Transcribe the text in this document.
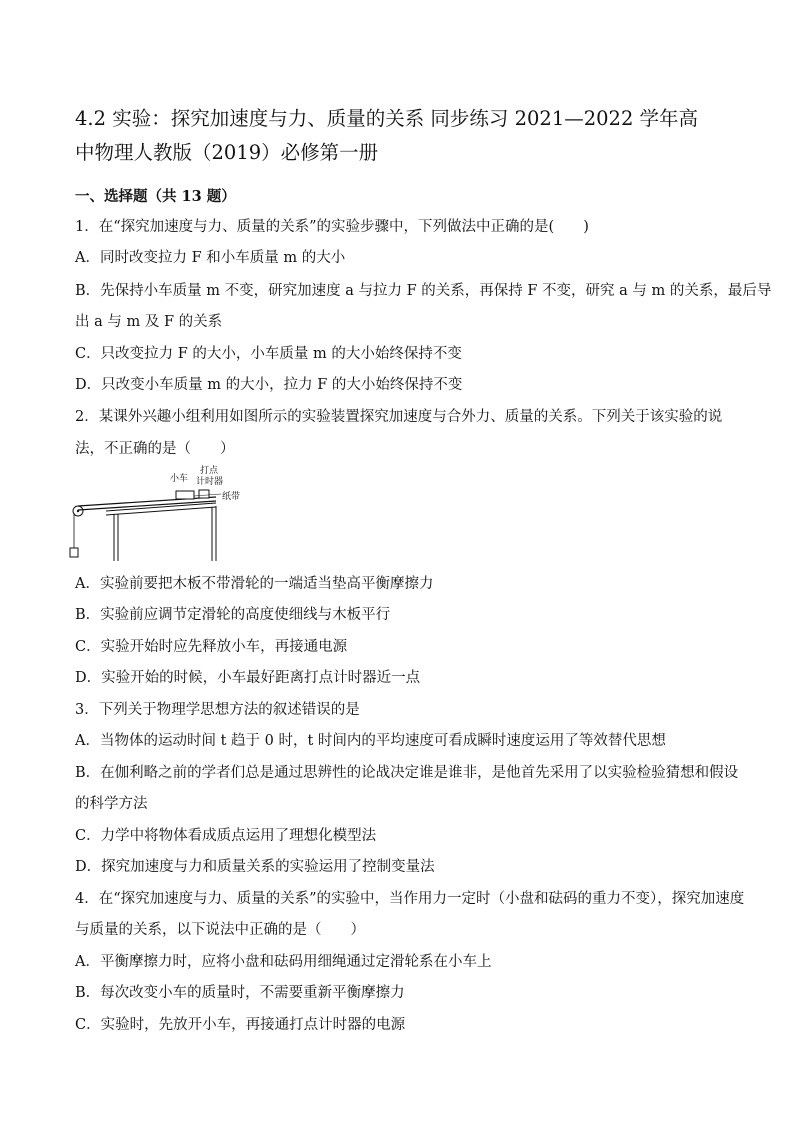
4.2 实验：探究加速度与力、质量的关系 同步练习 2021—2022 学年高
中物理人教版（2019）必修第一册
一、选择题（共 13 题）
1．在“探究加速度与力、质量的关系”的实验步骤中，下列做法中正确的是(　　)
A．同时改变拉力 F 和小车质量 m 的大小
B．先保持小车质量 m 不变，研究加速度 a 与拉力 F 的关系，再保持 F 不变，研究 a 与 m 的关系，最后导
出 a 与 m 及 F 的关系
C．只改变拉力 F 的大小，小车质量 m 的大小始终保持不变
D．只改变小车质量 m 的大小，拉力 F 的大小始终保持不变
2．某课外兴趣小组利用如图所示的实验装置探究加速度与合外力、质量的关系。下列关于该实验的说
法，不正确的是（　　）
小车
打点
计时器
纸带
A．实验前要把木板不带滑轮的一端适当垫高平衡摩擦力
B．实验前应调节定滑轮的高度使细线与木板平行
C．实验开始时应先释放小车，再接通电源
D．实验开始的时候，小车最好距离打点计时器近一点
3．下列关于物理学思想方法的叙述错误的是
A．当物体的运动时间 t 趋于 0 时，t 时间内的平均速度可看成瞬时速度运用了等效替代思想
B．在伽利略之前的学者们总是通过思辨性的论战决定谁是谁非，是他首先采用了以实验检验猜想和假设
的科学方法
C．力学中将物体看成质点运用了理想化模型法
D．探究加速度与力和质量关系的实验运用了控制变量法
4．在“探究加速度与力、质量的关系”的实验中，当作用力一定时（小盘和砝码的重力不变），探究加速度
与质量的关系，以下说法中正确的是（　　）
A．平衡摩擦力时，应将小盘和砝码用细绳通过定滑轮系在小车上
B．每次改变小车的质量时，不需要重新平衡摩擦力
C．实验时，先放开小车，再接通打点计时器的电源
